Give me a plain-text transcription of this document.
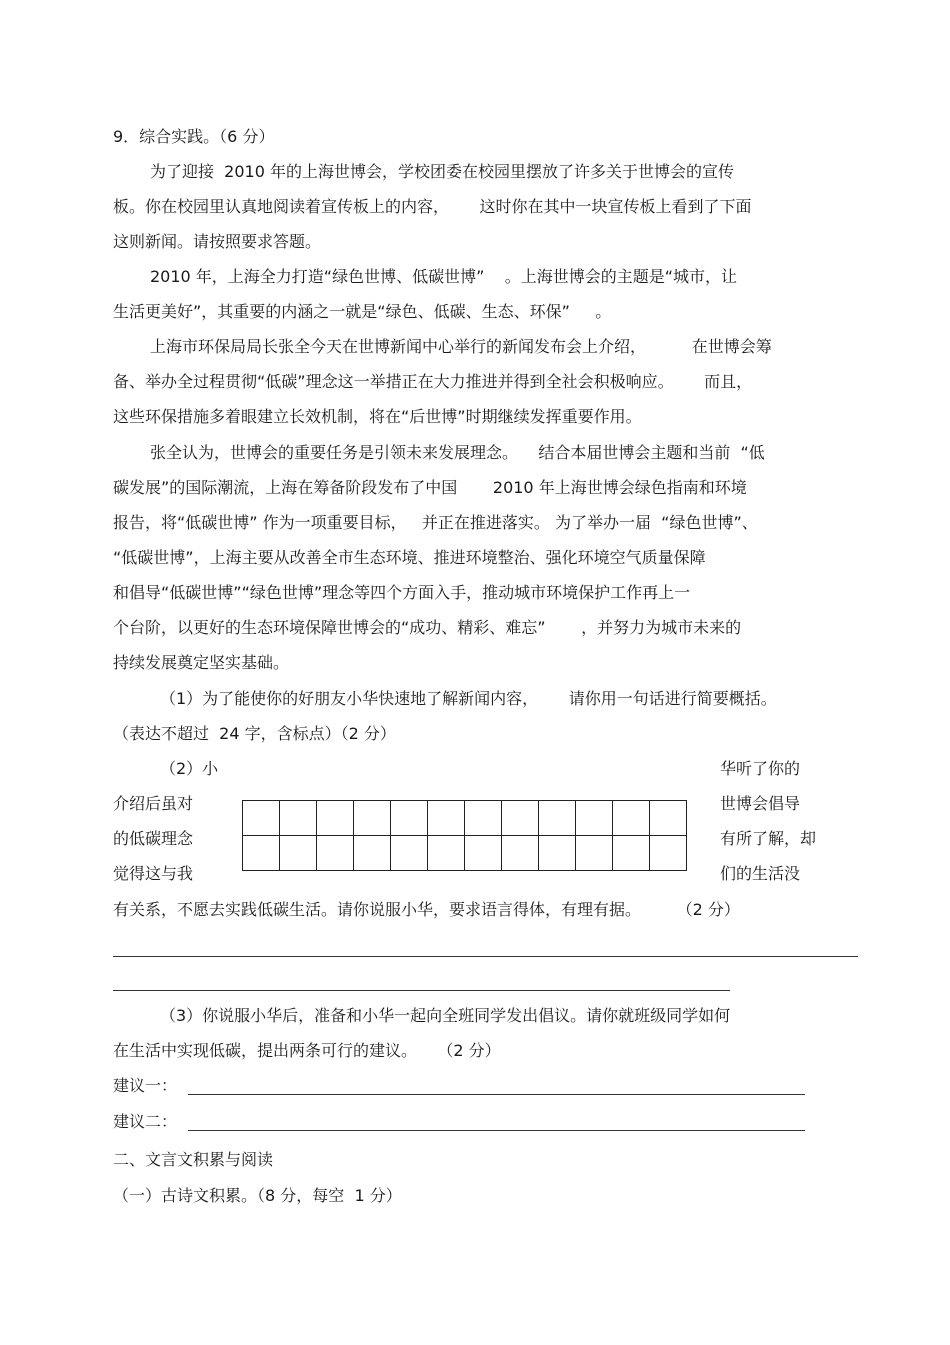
9．综合实践。（6 分）
为了迎接  2010 年的上海世博会，学校团委在校园里摆放了许多关于世博会的宣传
板。你在校园里认真地阅读着宣传板上的内容，      这时你在其中一块宣传板上看到了下面
这则新闻。请按照要求答题。
2010 年，上海全力打造“绿色世博、低碳世博”    。上海世博会的主题是“城市，让
生活更美好”，其重要的内涵之一就是“绿色、低碳、生态、环保”     。
上海市环保局局长张全今天在世博新闻中心举行的新闻发布会上介绍，         在世博会筹
备、举办全过程贯彻“低碳”理念这一举措正在大力推进并得到全社会积极响应。      而且，
这些环保措施多着眼建立长效机制，将在“后世博”时期继续发挥重要作用。
张全认为，世博会的重要任务是引领未来发展理念。    结合本届世博会主题和当前  “低
碳发展”的国际潮流，上海在筹备阶段发布了中国       2010 年上海世博会绿色指南和环境
报告，将“低碳世博” 作为一项重要目标，   并正在推进落实。 为了举办一届  “绿色世博”、
“低碳世博”，上海主要从改善全市生态环境、推进环境整治、强化环境空气质量保障
和倡导“低碳世博”“绿色世博”理念等四个方面入手，推动城市环境保护工作再上一
个台阶，以更好的生态环境保障世博会的“成功、精彩、难忘”       ，并努力为城市未来的
持续发展奠定坚实基础。
（1）为了能使你的好朋友小华快速地了解新闻内容，      请你用一句话进行简要概括。
（表达不超过  24 字，含标点）（2 分）
（2）小
介绍后虽对
的低碳理念
觉得这与我
华听了你的
世博会倡导
有所了解，却
们的生活没

有关系，不愿去实践低碳生活。请你说服小华，要求语言得体，有理有据。       （2 分）
（3）你说服小华后，准备和小华一起向全班同学发出倡议。请你就班级同学如何
在生活中实现低碳，提出两条可行的建议。    （2 分）
建议一：
建议二：
二、文言文积累与阅读
（一）古诗文积累。（8 分，每空  1 分）
